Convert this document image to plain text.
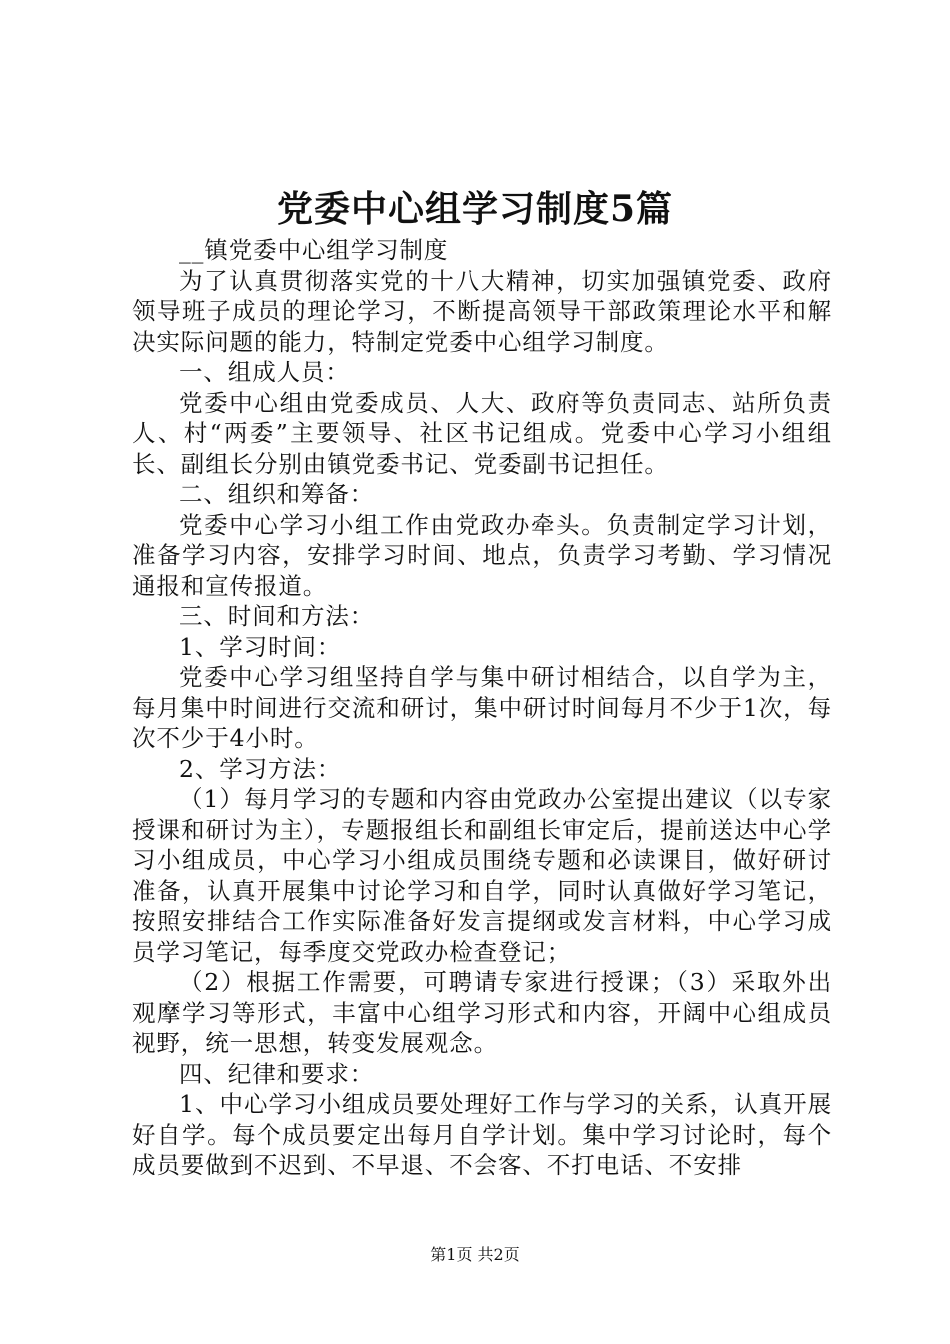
党委中心组学习制度5篇

__镇党委中心组学习制度

为了认真贯彻落实党的十八大精神，切实加强镇党委、政府领导班子成员的理论学习，不断提高领导干部政策理论水平和解决实际问题的能力，特制定党委中心组学习制度。

一、组成人员：

党委中心组由党委成员、人大、政府等负责同志、站所负责人、村“两委”主要领导、社区书记组成。党委中心学习小组组长、副组长分别由镇党委书记、党委副书记担任。

二、组织和筹备：

党委中心学习小组工作由党政办牵头。负责制定学习计划，准备学习内容，安排学习时间、地点，负责学习考勤、学习情况通报和宣传报道。

三、时间和方法：

1、学习时间：

党委中心学习组坚持自学与集中研讨相结合，以自学为主，每月集中时间进行交流和研讨，集中研讨时间每月不少于1次，每次不少于4小时。

2、学习方法：

（1）每月学习的专题和内容由党政办公室提出建议（以专家授课和研讨为主），专题报组长和副组长审定后，提前送达中心学习小组成员，中心学习小组成员围绕专题和必读课目，做好研讨准备，认真开展集中讨论学习和自学，同时认真做好学习笔记，按照安排结合工作实际准备好发言提纲或发言材料，中心学习成员学习笔记，每季度交党政办检查登记；

（2）根据工作需要，可聘请专家进行授课；（3）采取外出观摩学习等形式，丰富中心组学习形式和内容，开阔中心组成员视野，统一思想，转变发展观念。

四、纪律和要求：

1、中心学习小组成员要处理好工作与学习的关系，认真开展好自学。每个成员要定出每月自学计划。集中学习讨论时，每个成员要做到不迟到、不早退、不会客、不打电话、不安排

第1页 共2页
